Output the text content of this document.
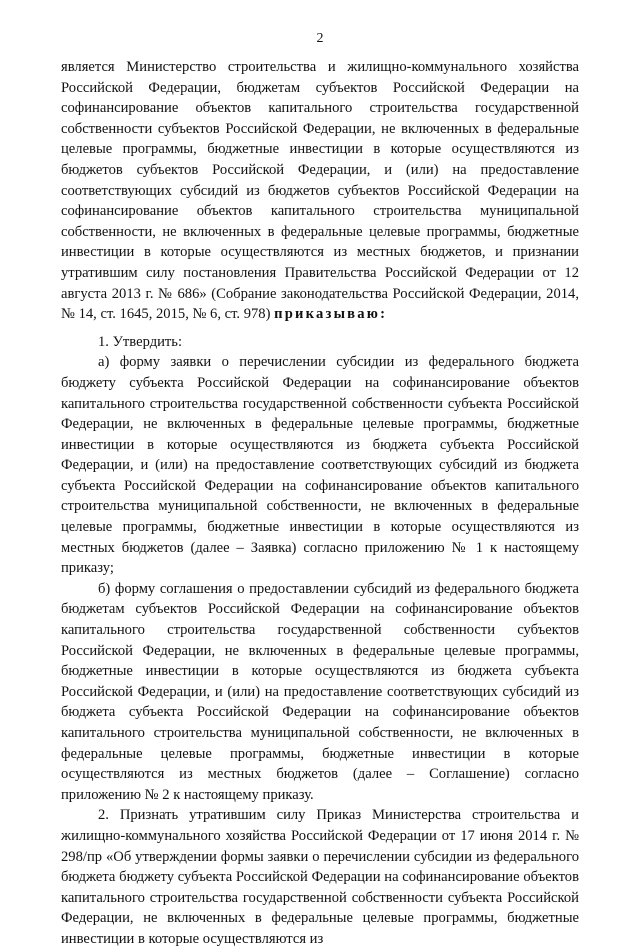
2

является Министерство строительства и жилищно-коммунального хозяйства Российской Федерации, бюджетам субъектов Российской Федерации на софинансирование объектов капитального строительства государственной собственности субъектов Российской Федерации, не включенных в федеральные целевые программы, бюджетные инвестиции в которые осуществляются из бюджетов субъектов Российской Федерации, и (или) на предоставление соответствующих субсидий из бюджетов субъектов Российской Федерации на софинансирование объектов капитального строительства муниципальной собственности, не включенных в федеральные целевые программы, бюджетные инвестиции в которые осуществляются из местных бюджетов, и признании утратившим силу постановления Правительства Российской Федерации от 12 августа 2013 г. № 686» (Собрание законодательства Российской Федерации, 2014, № 14, ст. 1645, 2015, № 6, ст. 978) приказываю:

1. Утвердить:

а) форму заявки о перечислении субсидии из федерального бюджета бюджету субъекта Российской Федерации на софинансирование объектов капитального строительства государственной собственности субъекта Российской Федерации, не включенных в федеральные целевые программы, бюджетные инвестиции в которые осуществляются из бюджета субъекта Российской Федерации, и (или) на предоставление соответствующих субсидий из бюджета субъекта Российской Федерации на софинансирование объектов капитального строительства муниципальной собственности, не включенных в федеральные целевые программы, бюджетные инвестиции в которые осуществляются из местных бюджетов (далее – Заявка) согласно приложению № 1 к настоящему приказу;

б) форму соглашения о предоставлении субсидий из федерального бюджета бюджетам субъектов Российской Федерации на софинансирование объектов капитального строительства государственной собственности субъектов Российской Федерации, не включенных в федеральные целевые программы, бюджетные инвестиции в которые осуществляются из бюджета субъекта Российской Федерации, и (или) на предоставление соответствующих субсидий из бюджета субъекта Российской Федерации на софинансирование объектов капитального строительства муниципальной собственности, не включенных в федеральные целевые программы, бюджетные инвестиции в которые осуществляются из местных бюджетов (далее – Соглашение) согласно приложению № 2 к настоящему приказу.

2. Признать утратившим силу Приказ Министерства строительства и жилищно-коммунального хозяйства Российской Федерации от 17 июня 2014 г. № 298/пр «Об утверждении формы заявки о перечислении субсидии из федерального бюджета бюджету субъекта Российской Федерации на софинансирование объектов капитального строительства государственной собственности субъекта Российской Федерации, не включенных в федеральные целевые программы, бюджетные инвестиции в которые осуществляются из
